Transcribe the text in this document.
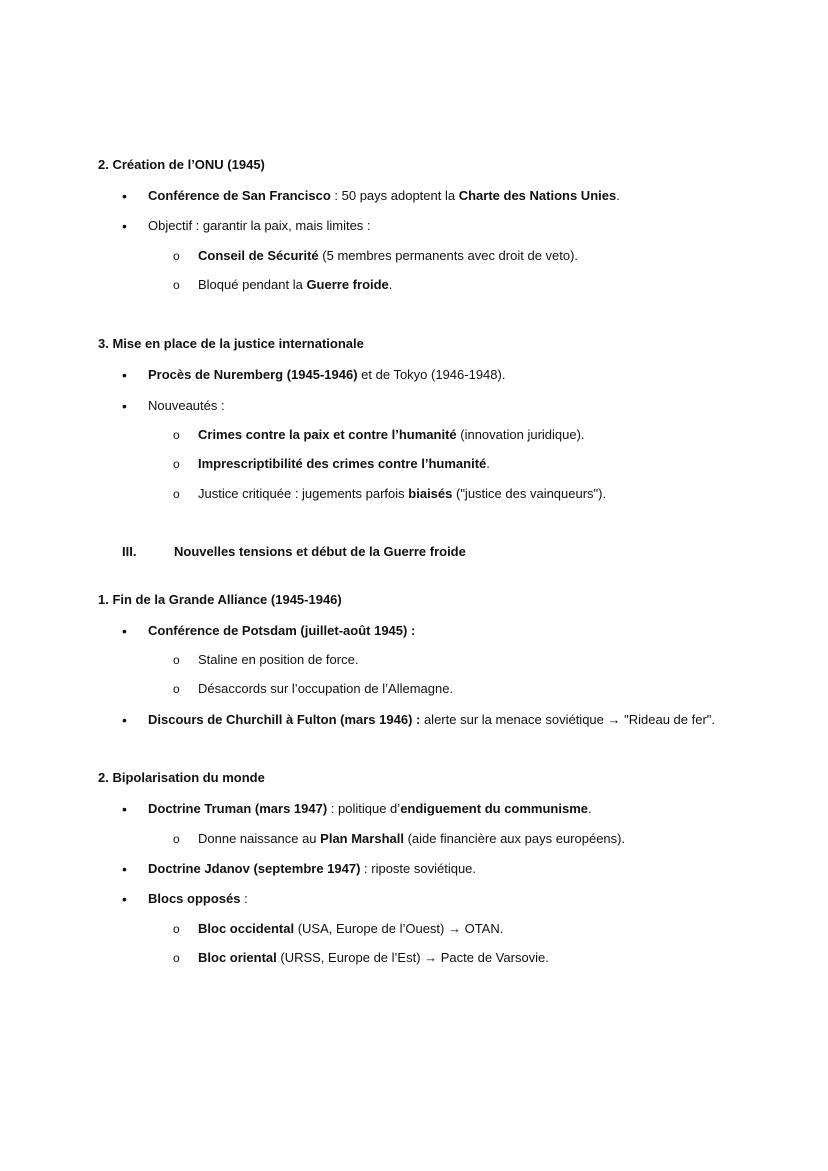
2. Création de l’ONU (1945)
• Conférence de San Francisco : 50 pays adoptent la Charte des Nations Unies.
• Objectif : garantir la paix, mais limites :
o Conseil de Sécurité (5 membres permanents avec droit de veto).
o Bloqué pendant la Guerre froide.
3. Mise en place de la justice internationale
• Procès de Nuremberg (1945-1946) et de Tokyo (1946-1948).
• Nouveautés :
o Crimes contre la paix et contre l’humanité (innovation juridique).
o Imprescriptibilité des crimes contre l’humanité.
o Justice critiquée : jugements parfois biaisés ("justice des vainqueurs").
III.	Nouvelles tensions et début de la Guerre froide
1. Fin de la Grande Alliance (1945-1946)
• Conférence de Potsdam (juillet-août 1945) :
o Staline en position de force.
o Désaccords sur l’occupation de l’Allemagne.
• Discours de Churchill à Fulton (mars 1946) : alerte sur la menace soviétique → "Rideau de fer".
2. Bipolarisation du monde
• Doctrine Truman (mars 1947) : politique d’endiguement du communisme.
o Donne naissance au Plan Marshall (aide financière aux pays européens).
• Doctrine Jdanov (septembre 1947) : riposte soviétique.
• Blocs opposés :
o Bloc occidental (USA, Europe de l’Ouest) → OTAN.
o Bloc oriental (URSS, Europe de l’Est) → Pacte de Varsovie.
